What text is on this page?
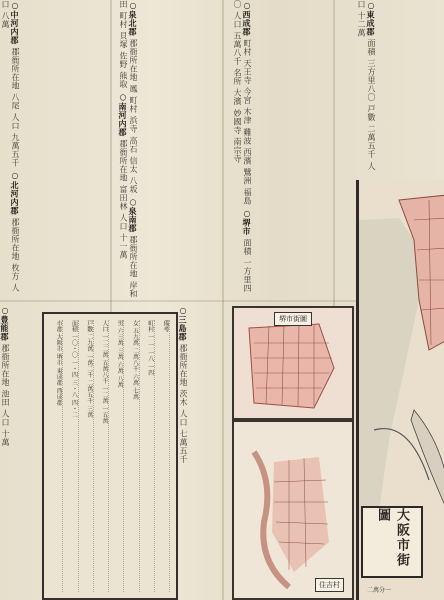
○東成郡 面積 三方里八〇 戸數 二萬五千 人口 十二萬
○西成郡 町村 天王寺 今宮 木津 難波 西濱 鷺洲 福島 ○堺市 面積 一方里四〇 人口 五萬八千 名所 大濱 妙國寺 南宗寺
○泉北郡 郡衙所在地 鳳 町村 浜寺 高石 信太 八坂 ○泉南郡 郡衙所在地 岸和田 町村 貝塚 佐野 熊取 ○南河内郡 郡衙所在地 富田林 人口 十一萬
○中河内郡 郡衙所在地 八尾 人口 九萬五千 ○北河内郡 郡衙所在地 枚方 人口 八萬
○三島郡 郡衙所在地 茨木 人口 七萬五千
○豊能郡 郡衙所在地 池田 人口 十萬
堺市街圖
住吉村
市郡 大阪市 堺市 東成郡 西成郡	面積 一〇・〇 一・四 三・八 四・二	戸數 二九萬 一萬二千 二萬五千 三萬	人口 一二二萬 五萬八千 一二萬 一五萬	男 六三萬 三萬 六萬 八萬	女 五九萬 二萬八千 六萬 七萬	町村 一 一 一八 一四	備考
大阪市街圖
二萬分一
